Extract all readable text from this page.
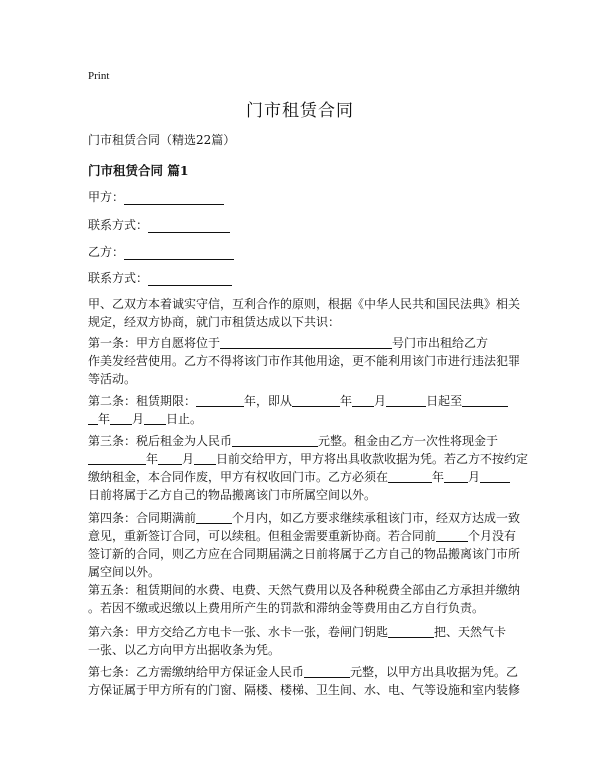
Print
门市租赁合同
门市租赁合同（精选22篇）
门市租赁合同 篇1
甲方：
联系方式：
乙方：
联系方式：
甲、乙双方本着诚实守信，互利合作的原则，根据《中华人民共和国民法典》相关
规定，经双方协商，就门市租赁达成以下共识：
第一条：甲方自愿将位于	号门市出租给乙方
作美发经营使用。乙方不得将该门市作其他用途，更不能利用该门市进行违法犯罪
等活动。
第二条：租赁期限：	年，即从	年 月	日起至
年 月 日止。
第三条：税后租金为人民币	元整。租金由乙方一次性将现金于
年 月 日前交给甲方，甲方将出具收款收据为凭。若乙方不按约定
缴纳租金，本合同作废，甲方有权收回门市。乙方必须在	年 月
日前将属于乙方自己的物品搬离该门市所属空间以外。
第四条：合同期满前	个月内，如乙方要求继续承租该门市，经双方达成一致
意见，重新签订合同，可以续租。但租金需要重新协商。若合同前	个月没有
签订新的合同，则乙方应在合同期届满之日前将属于乙方自己的物品搬离该门市所
属空间以外。
第五条：租赁期间的水费、电费、天然气费用以及各种税费全部由乙方承担并缴纳
。若因不缴或迟缴以上费用所产生的罚款和滞纳金等费用由乙方自行负责。
第六条：甲方交给乙方电卡一张、水卡一张，卷闸门钥匙	把、天然气卡
一张、以乙方向甲方出据收条为凭。
第七条：乙方需缴纳给甲方保证金人民币	元整，以甲方出具收据为凭。乙
方保证属于甲方所有的门窗、隔楼、楼梯、卫生间、水、电、气等设施和室内装修
